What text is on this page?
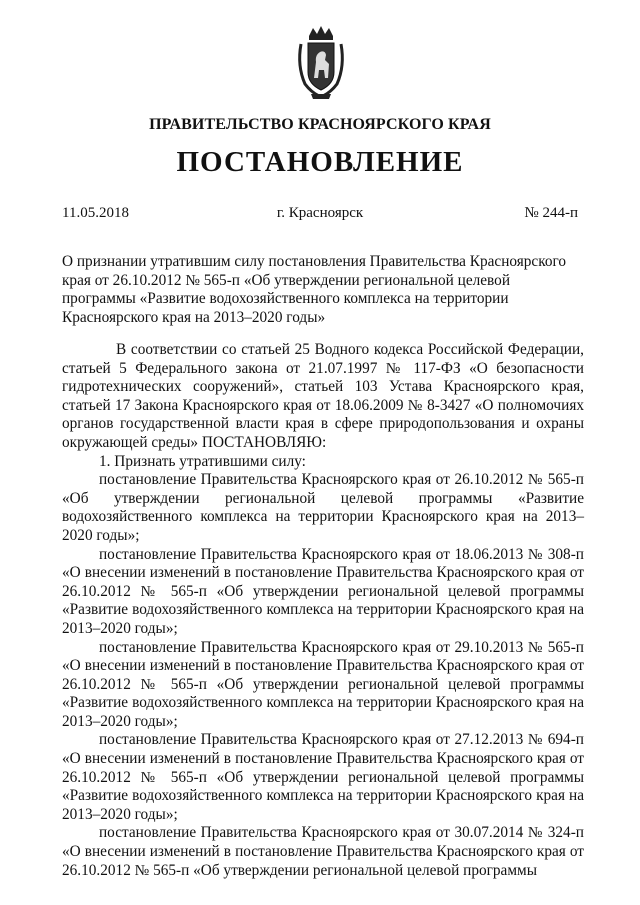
ПРАВИТЕЛЬСТВО КРАСНОЯРСКОГО КРАЯ
ПОСТАНОВЛЕНИЕ
11.05.2018	г. Красноярск	№ 244-п
О признании утратившим силу постановления Правительства Красноярского края от 26.10.2012 № 565-п «Об утверждении региональной целевой программы «Развитие водохозяйственного комплекса на территории Красноярского края на 2013–2020 годы»

В соответствии со статьей 25 Водного кодекса Российской Федерации, статьей 5 Федерального закона от 21.07.1997 № 117-ФЗ «О безопасности гидротехнических сооружений», статьей 103 Устава Красноярского края, статьей 17 Закона Красноярского края от 18.06.2009 № 8-3427 «О полномочиях органов государственной власти края в сфере природопользования и охраны окружающей среды» ПОСТАНОВЛЯЮ:

1. Признать утратившими силу:

постановление Правительства Красноярского края от 26.10.2012 № 565-п «Об утверждении региональной целевой программы «Развитие водохозяйственного комплекса на территории Красноярского края на 2013–2020 годы»;

постановление Правительства Красноярского края от 18.06.2013 № 308-п «О внесении изменений в постановление Правительства Красноярского края от 26.10.2012 № 565-п «Об утверждении региональной целевой программы «Развитие водохозяйственного комплекса на территории Красноярского края на 2013–2020 годы»;

постановление Правительства Красноярского края от 29.10.2013 № 565-п «О внесении изменений в постановление Правительства Красноярского края от 26.10.2012 № 565-п «Об утверждении региональной целевой программы «Развитие водохозяйственного комплекса на территории Красноярского края на 2013–2020 годы»;

постановление Правительства Красноярского края от 27.12.2013 № 694-п «О внесении изменений в постановление Правительства Красноярского края от 26.10.2012 № 565-п «Об утверждении региональной целевой программы «Развитие водохозяйственного комплекса на территории Красноярского края на 2013–2020 годы»;

постановление Правительства Красноярского края от 30.07.2014 № 324-п «О внесении изменений в постановление Правительства Красноярского края от 26.10.2012 № 565-п «Об утверждении региональной целевой программы
